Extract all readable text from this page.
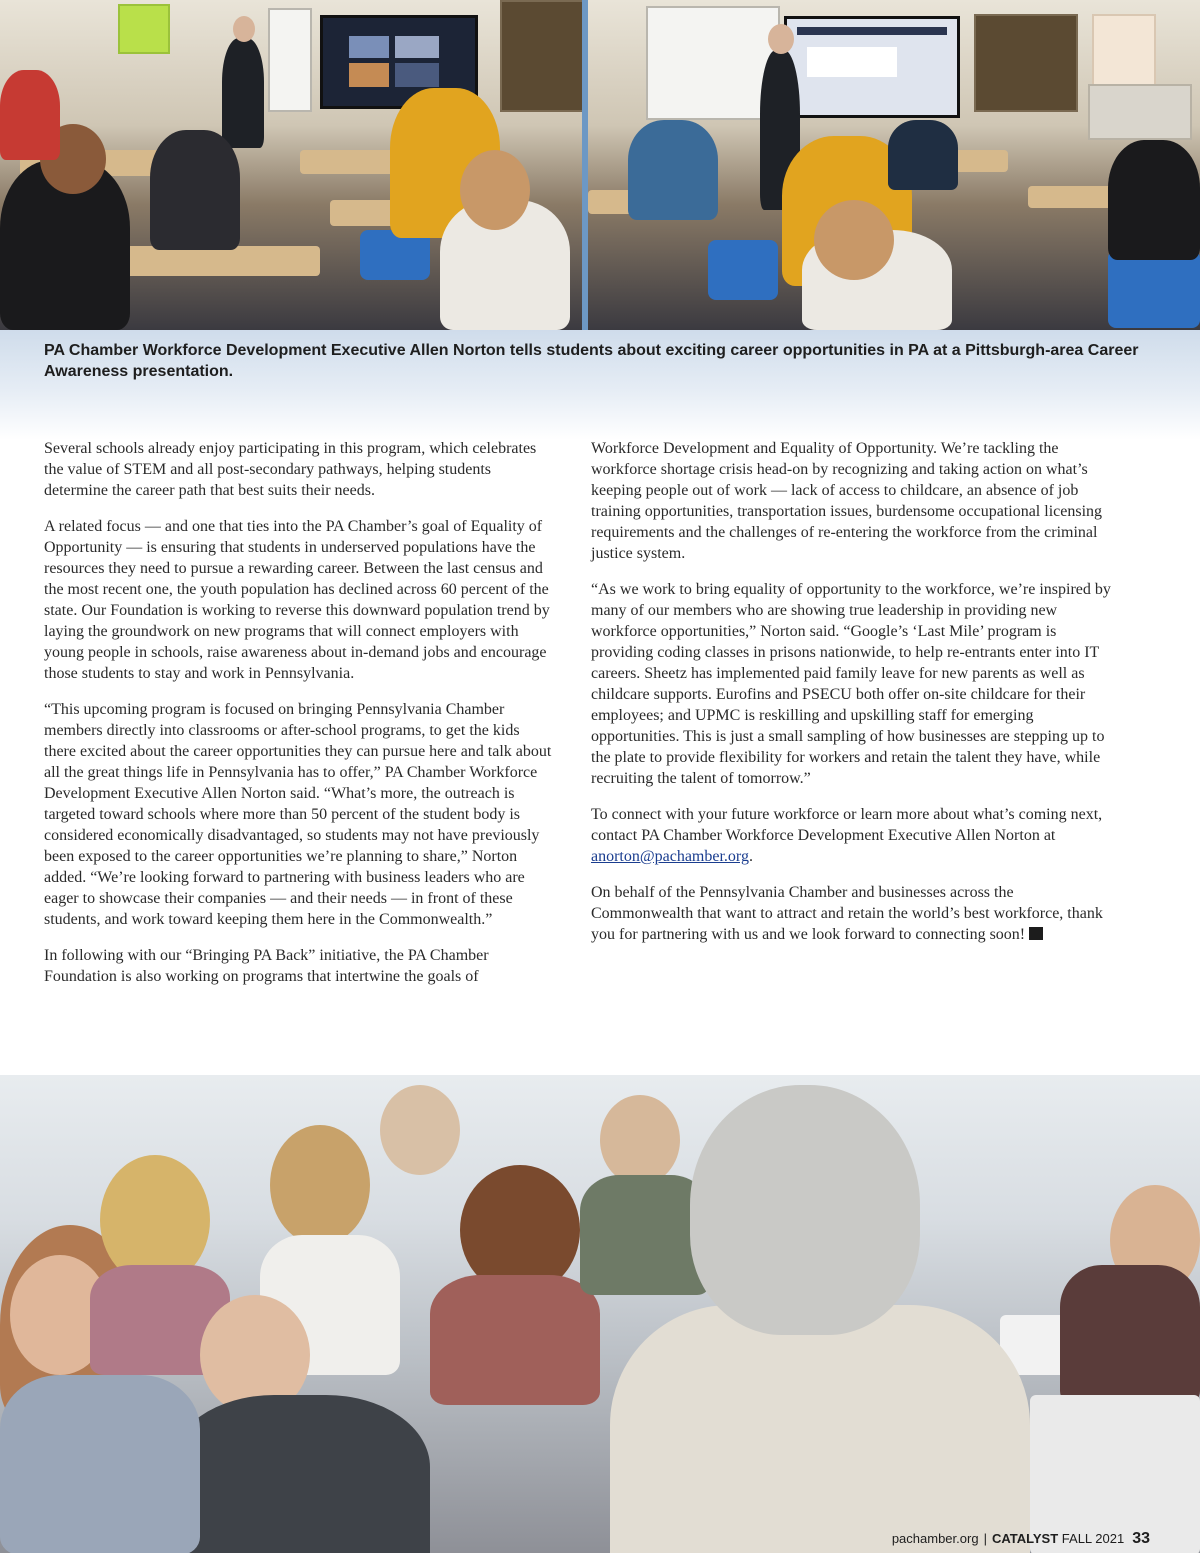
PA Chamber Workforce Development Executive Allen Norton tells students about exciting career opportunities in PA at a Pittsburgh-area Career Awareness presentation.

Several schools already enjoy participating in this program, which celebrates the value of STEM and all post-secondary pathways, helping students determine the career path that best suits their needs.

A related focus — and one that ties into the PA Chamber’s goal of Equality of Opportunity — is ensuring that students in underserved populations have the resources they need to pursue a rewarding career. Between the last census and the most recent one, the youth population has declined across 60 percent of the state. Our Foundation is working to reverse this downward population trend by laying the groundwork on new programs that will connect employers with young people in schools, raise awareness about in-demand jobs and encourage those students to stay and work in Pennsylvania.

“This upcoming program is focused on bringing Pennsylvania Chamber members directly into classrooms or after-school programs, to get the kids there excited about the career opportunities they can pursue here and talk about all the great things life in Pennsylvania has to offer,” PA Chamber Workforce Development Executive Allen Norton said. “What’s more, the outreach is targeted toward schools where more than 50 percent of the student body is considered economically disadvantaged, so students may not have previously been exposed to the career opportunities we’re planning to share,” Norton added. “We’re looking forward to partnering with business leaders who are eager to showcase their companies — and their needs — in front of these students, and work toward keeping them here in the Commonwealth.”

In following with our “Bringing PA Back” initiative, the PA Chamber Foundation is also working on programs that intertwine the goals of

Workforce Development and Equality of Opportunity. We’re tackling the workforce shortage crisis head-on by recognizing and taking action on what’s keeping people out of work — lack of access to childcare, an absence of job training opportunities, transportation issues, burdensome occupational licensing requirements and the challenges of re-entering the workforce from the criminal justice system.

“As we work to bring equality of opportunity to the workforce, we’re inspired by many of our members who are showing true leadership in providing new workforce opportunities,” Norton said. “Google’s ‘Last Mile’ program is providing coding classes in prisons nationwide, to help re-entrants enter into IT careers. Sheetz has implemented paid family leave for new parents as well as childcare supports. Eurofins and PSECU both offer on-site childcare for their employees; and UPMC is reskilling and upskilling staff for emerging opportunities. This is just a small sampling of how businesses are stepping up to the plate to provide flexibility for workers and retain the talent they have, while recruiting the talent of tomorrow.”

To connect with your future workforce or learn more about what’s coming next, contact PA Chamber Workforce Development Executive Allen Norton at anorton@pachamber.org.

On behalf of the Pennsylvania Chamber and businesses across the Commonwealth that want to attract and retain the world’s best workforce, thank you for partnering with us and we look forward to connecting soon!

pachamber.org | CATALYST FALL 2021 33
